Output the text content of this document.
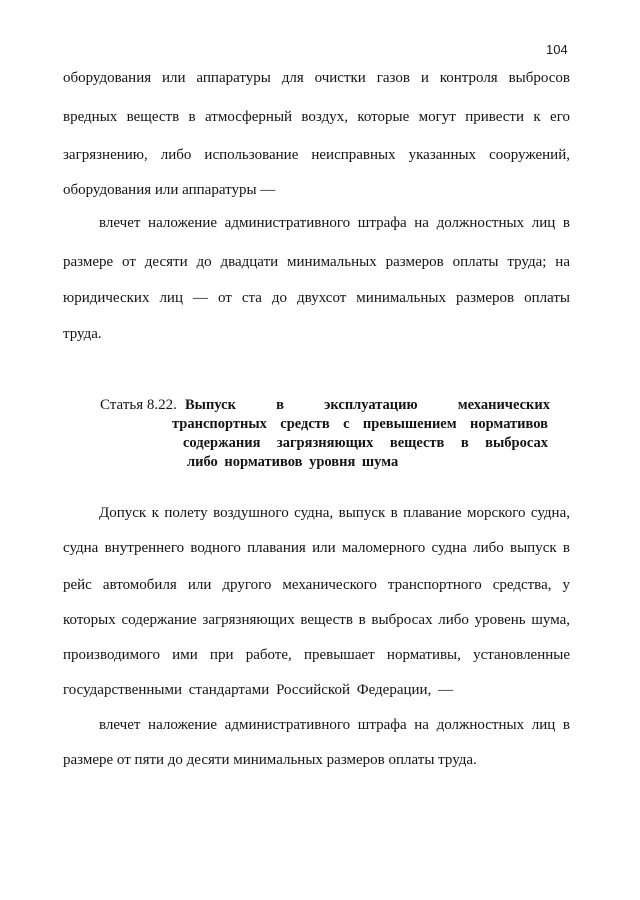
104
оборудования или аппаратуры для очистки газов и контроля выбросов
вредных веществ в атмосферный воздух, которые могут привести к его
загрязнению, либо использование неисправных указанных сооружений,
оборудования или аппаратуры —
влечет наложение административного штрафа на должностных лиц в
размере от десяти до двадцати минимальных размеров оплаты труда; на
юридических лиц — от ста до двухсот минимальных размеров оплаты
труда.
Статья 8.22. Выпуск в эксплуатацию механических
транспортных средств с превышением нормативов
содержания загрязняющих веществ в выбросах
либо нормативов уровня шума
Допуск к полету воздушного судна, выпуск в плавание морского судна,
судна внутреннего водного плавания или маломерного судна либо выпуск в
рейс автомобиля или другого механического транспортного средства, у
которых содержание загрязняющих веществ в выбросах либо уровень шума,
производимого ими при работе, превышает нормативы, установленные
государственными стандартами Российской Федерации, —
влечет наложение административного штрафа на должностных лиц в
размере от пяти до десяти минимальных размеров оплаты труда.
